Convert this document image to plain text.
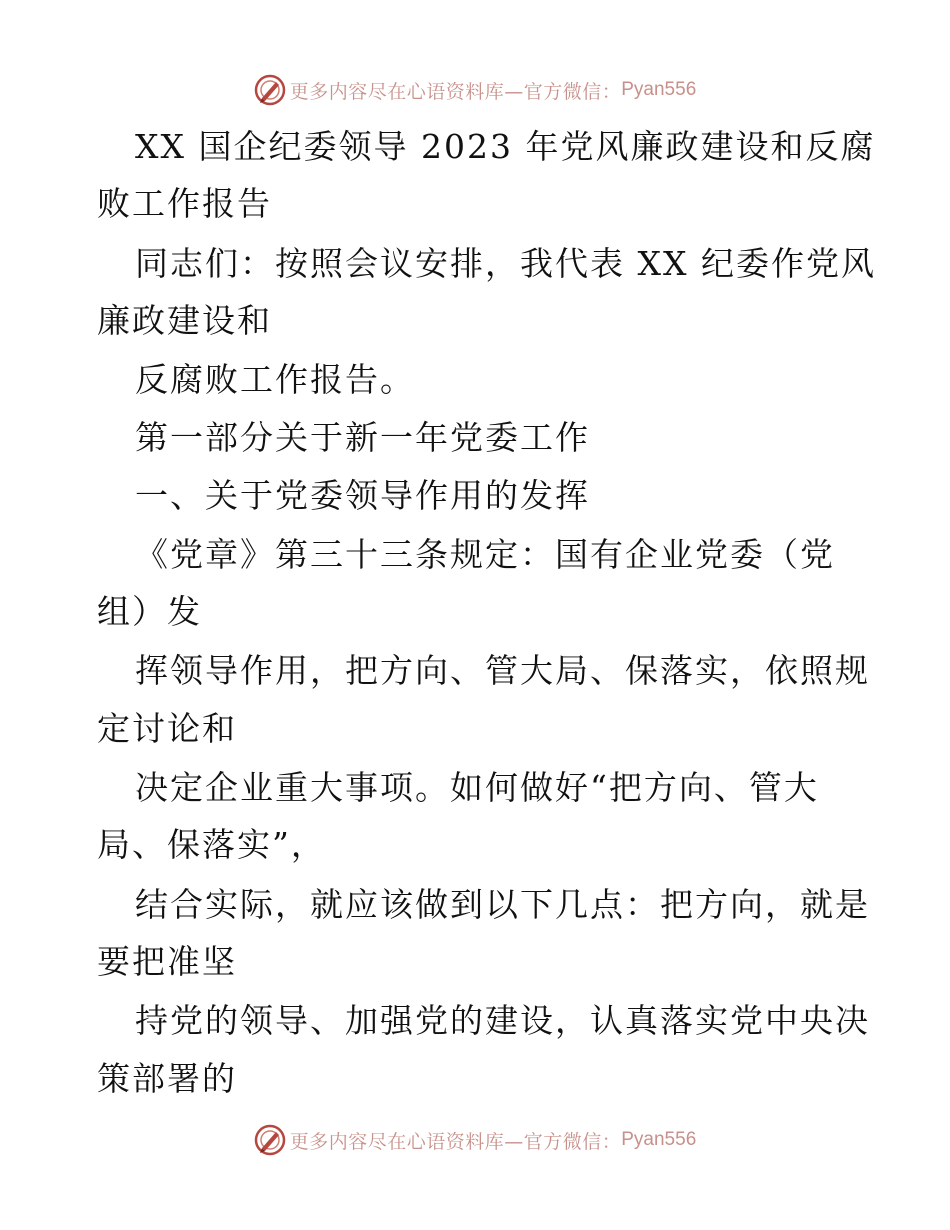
更多内容尽在心语资料库—官方微信： Pyan556
XX 国企纪委领导 2023 年党风廉政建设和反腐
败工作报告
同志们：按照会议安排，我代表 XX 纪委作党风
廉政建设和
反腐败工作报告。
第一部分关于新一年党委工作
一、关于党委领导作用的发挥
《党章》第三十三条规定：国有企业党委（党
组）发
挥领导作用，把方向、管大局、保落实，依照规
定讨论和
决定企业重大事项。如何做好“把方向、管大
局、保落实”，
结合实际，就应该做到以下几点：把方向，就是
要把准坚
持党的领导、加强党的建设，认真落实党中央决
策部署的
更多内容尽在心语资料库—官方微信： Pyan556
